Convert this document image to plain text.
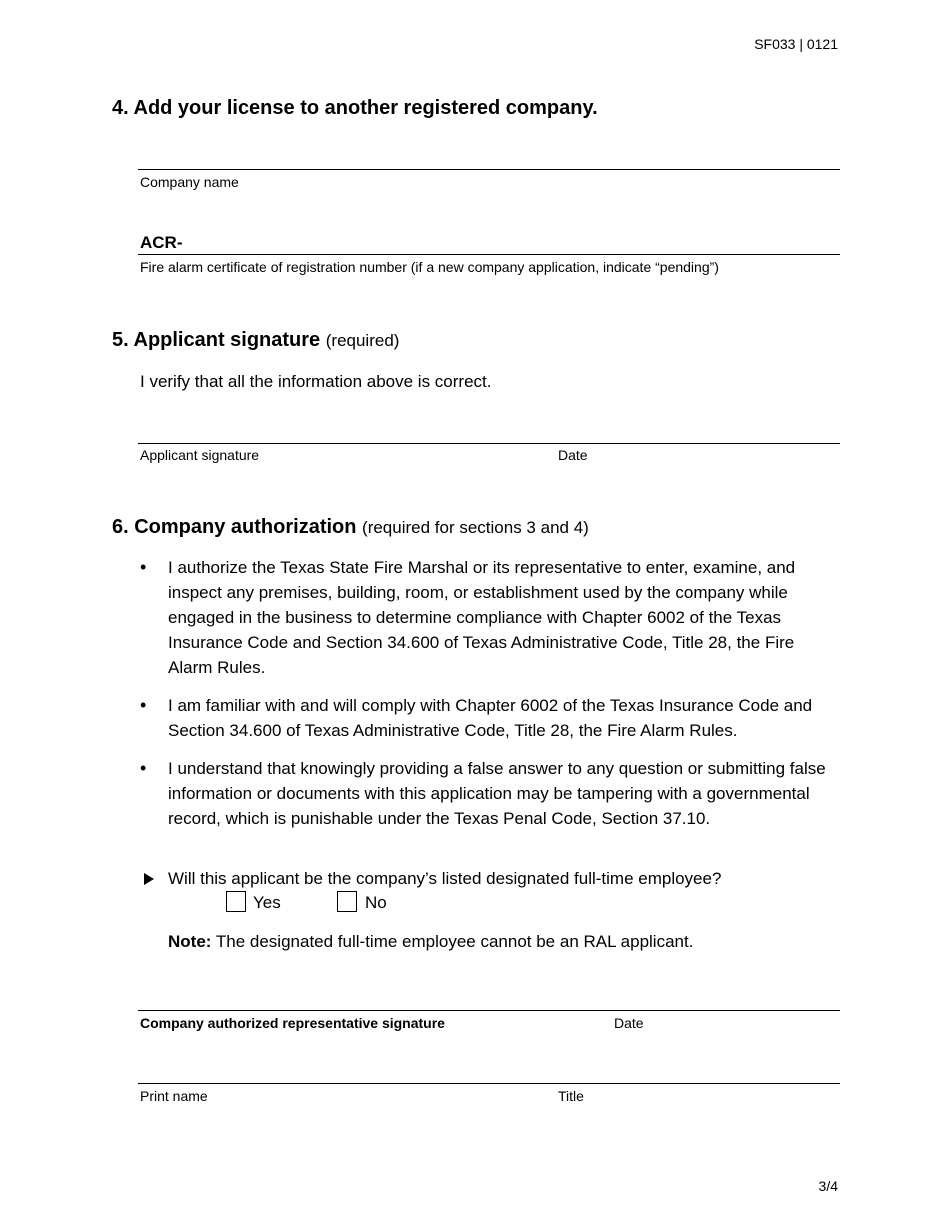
SF033 | 0121
4. Add your license to another registered company.
Company name
ACR-
Fire alarm certificate of registration number (if a new company application, indicate “pending”)
5. Applicant signature (required)
I verify that all the information above is correct.
Applicant signature	Date
6. Company authorization (required for sections 3 and 4)
• I authorize the Texas State Fire Marshal or its representative to enter, examine, and inspect any premises, building, room, or establishment used by the company while engaged in the business to determine compliance with Chapter 6002 of the Texas Insurance Code and Section 34.600 of Texas Administrative Code, Title 28, the Fire Alarm Rules.
• I am familiar with and will comply with Chapter 6002 of the Texas Insurance Code and Section 34.600 of Texas Administrative Code, Title 28, the Fire Alarm Rules.
• I understand that knowingly providing a false answer to any question or submitting false information or documents with this application may be tampering with a governmental record, which is punishable under the Texas Penal Code, Section 37.10.
Will this applicant be the company’s listed designated full-time employee?
Yes	No
Note: The designated full-time employee cannot be an RAL applicant.
Company authorized representative signature	Date
Print name	Title
3/4
